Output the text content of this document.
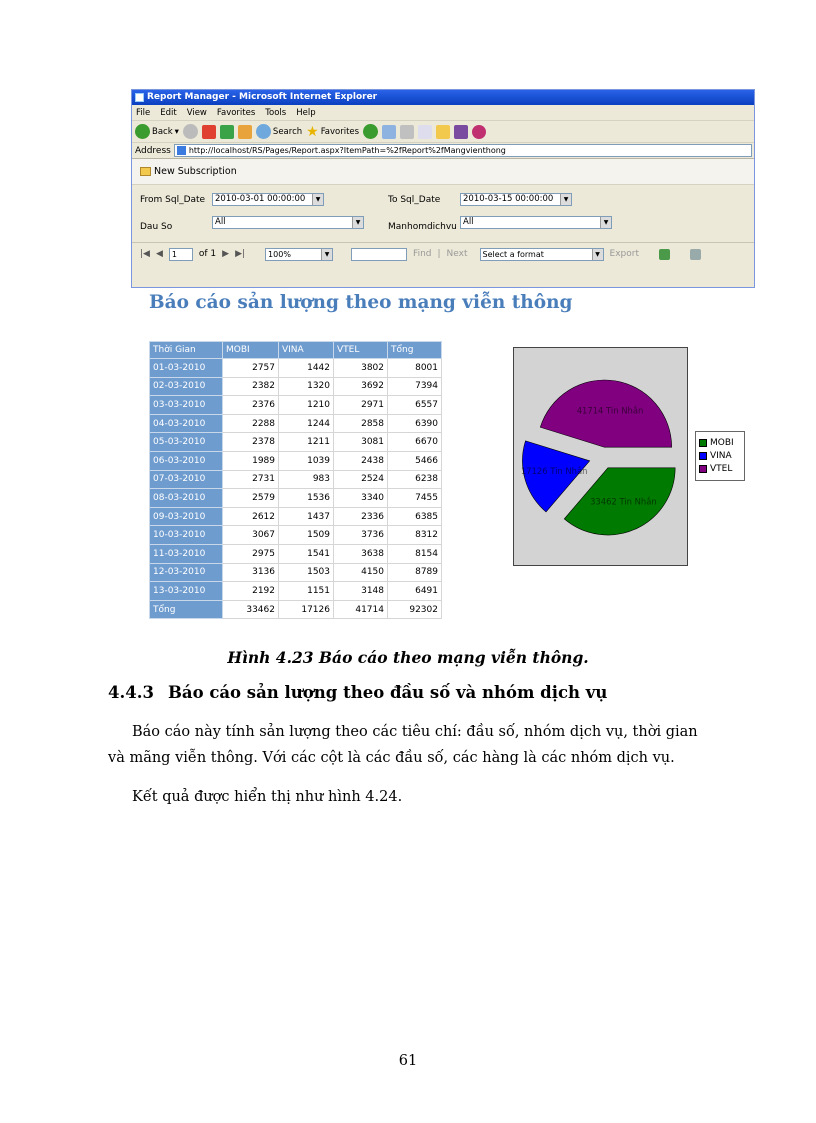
Report Manager - Microsoft Internet Explorer
File Edit View Favorites Tools Help
Back ▾	Search ★ Favorites
Address http://localhost/RS/Pages/Report.aspx?ItemPath=%2fReport%2fMangvienthong
New Subscription
From Sql_Date	2010-03-01 00:00:00	▼	To Sql_Date	2010-03-15 00:00:00	▼
Dau So	All	▼	Manhomdichvu All	▼
|◀ ◀	1	of 1 ▶ ▶|	100%	▼	Find | Next	Select a format	▼ Export
Báo cáo sản lượng theo mạng viễn thông
Thời Gian	MOBI	VINA	VTEL	Tổng
01-03-2010	2757	1442	3802	8001
02-03-2010	2382	1320	3692	7394
03-03-2010	2376	1210	2971	6557
04-03-2010	2288	1244	2858	6390
05-03-2010	2378	1211	3081	6670
06-03-2010	1989	1039	2438	5466
07-03-2010	2731	983	2524	6238
08-03-2010	2579	1536	3340	7455
09-03-2010	2612	1437	2336	6385
10-03-2010	3067	1509	3736	8312
11-03-2010	2975	1541	3638	8154
12-03-2010	3136	1503	4150	8789
13-03-2010	2192	1151	3148	6491
Tổng	33462	17126	41714	92302
33462 Tin Nhắn
17126 Tin Nhắn
41714 Tin Nhắn
MOBI
VINA
VTEL
Hình 4.23 Báo cáo theo mạng viễn thông.
4.4.3 Báo cáo sản lượng theo đầu số và nhóm dịch vụ

Báo cáo này tính sản lượng theo các tiêu chí: đầu số, nhóm dịch vụ, thời gian và mãng viễn thông. Với các cột là các đầu số, các hàng là các nhóm dịch vụ.

Kết quả được hiển thị như hình 4.24.

61
